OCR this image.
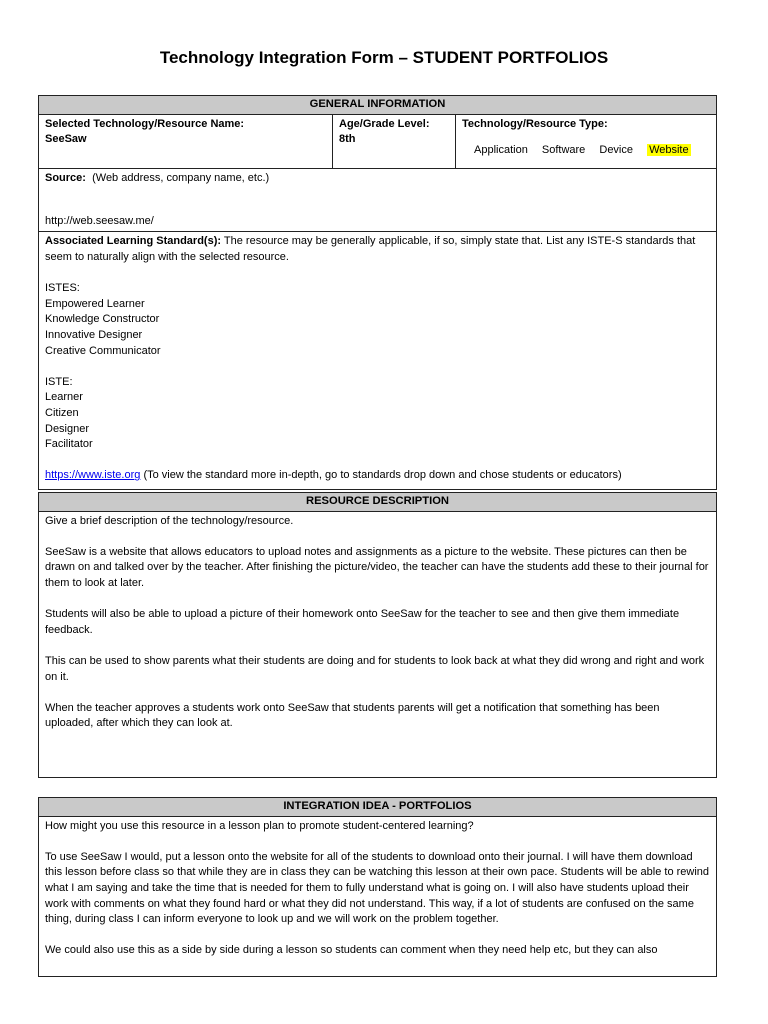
Technology Integration Form – STUDENT PORTFOLIOS
GENERAL INFORMATION

Selected Technology/Resource Name:
SeeSaw

Age/Grade Level:
8th

Technology/Resource Type:
Application Software Device Website

Source: (Web address, company name, etc.)
http://web.seesaw.me/

Associated Learning Standard(s): The resource may be generally applicable, if so, simply state that. List any ISTE-S standards that seem to naturally align with the selected resource.
ISTES:
Empowered Learner
Knowledge Constructor
Innovative Designer
Creative Communicator
ISTE:
Learner
Citizen
Designer
Facilitator
https://www.iste.org (To view the standard more in-depth, go to standards drop down and chose students or educators)
RESOURCE DESCRIPTION

Give a brief description of the technology/resource.

SeeSaw is a website that allows educators to upload notes and assignments as a picture to the website. These pictures can then be drawn on and talked over by the teacher. After finishing the picture/video, the teacher can have the students add these to their journal for them to look at later.

Students will also be able to upload a picture of their homework onto SeeSaw for the teacher to see and then give them immediate feedback.

This can be used to show parents what their students are doing and for students to look back at what they did wrong and right and work on it.

When the teacher approves a students work onto SeeSaw that students parents will get a notification that something has been uploaded, after which they can look at.

INTEGRATION IDEA - PORTFOLIOS

How might you use this resource in a lesson plan to promote student-centered learning?

To use SeeSaw I would, put a lesson onto the website for all of the students to download onto their journal. I will have them download this lesson before class so that while they are in class they can be watching this lesson at their own pace. Students will be able to rewind what I am saying and take the time that is needed for them to fully understand what is going on. I will also have students upload their work with comments on what they found hard or what they did not understand. This way, if a lot of students are confused on the same thing, during class I can inform everyone to look up and we will work on the problem together.

We could also use this as a side by side during a lesson so students can comment when they need help etc, but they can also
